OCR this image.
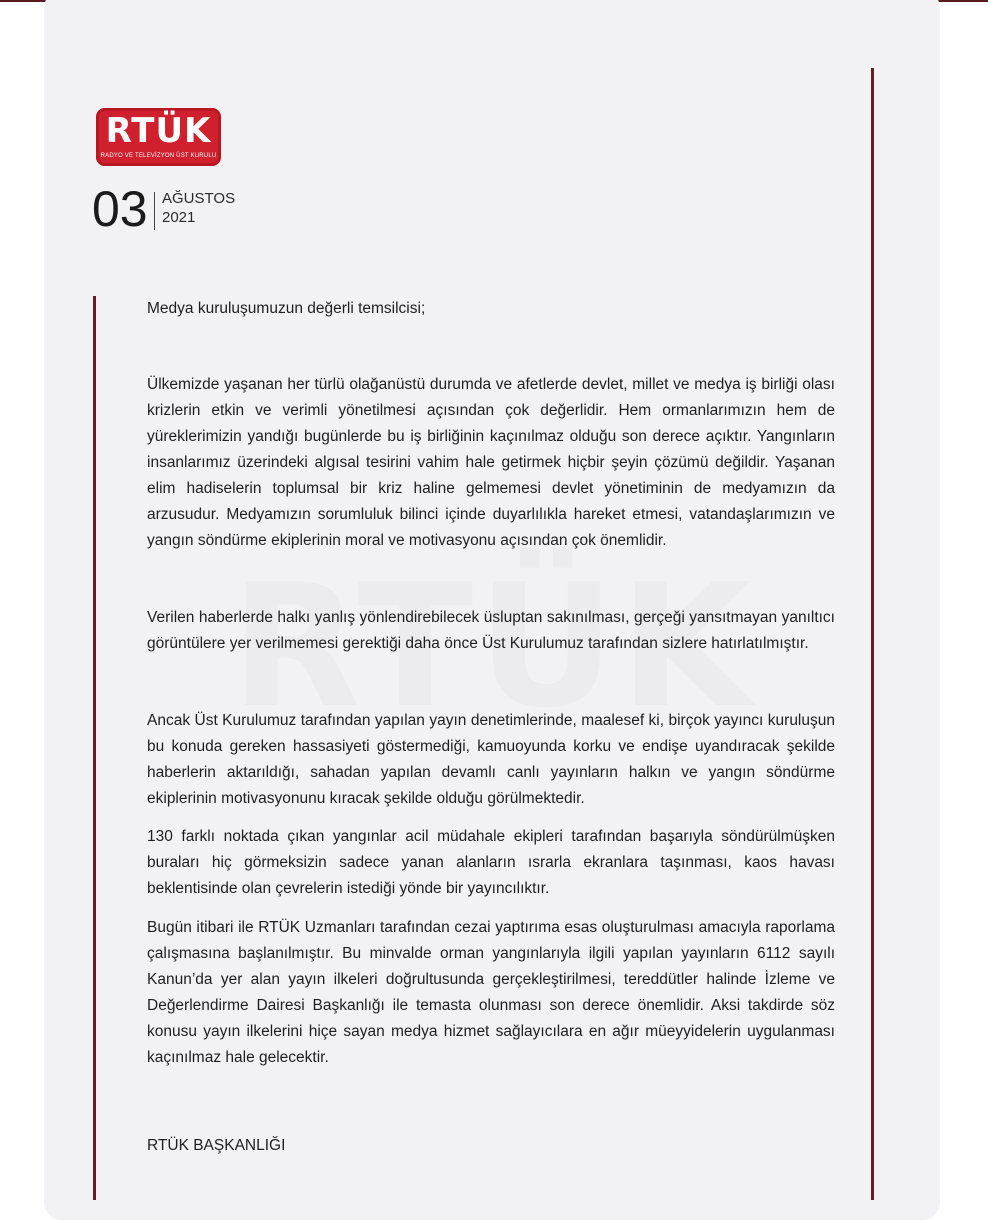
RTÜK
RADYO VE TELEVİZYON ÜST KURULU
03 AĞUSTOS
2021
Medya kuruluşumuzun değerli temsilcisi;
Ülkemizde yaşanan her türlü olağanüstü durumda ve afetlerde devlet, millet ve medya iş birliği olası krizlerin etkin ve verimli yönetilmesi açısından çok değerlidir. Hem ormanlarımızın hem de yüreklerimizin yandığı bugünlerde bu iş birliğinin kaçınılmaz olduğu son derece açıktır. Yangınların insanlarımız üzerindeki algısal tesirini vahim hale getirmek hiçbir şeyin çözümü değildir. Yaşanan elim hadiselerin toplumsal bir kriz haline gelmemesi devlet yönetiminin de medyamızın da arzusudur. Medyamızın sorumluluk bilinci içinde duyarlılıkla hareket etmesi, vatandaşlarımızın ve yangın söndürme ekiplerinin moral ve motivasyonu açısından çok önemlidir.
Verilen haberlerde halkı yanlış yönlendirebilecek üsluptan sakınılması, gerçeği yansıtmayan yanıltıcı görüntülere yer verilmemesi gerektiği daha önce Üst Kurulumuz tarafından sizlere hatırlatılmıştır.
Ancak Üst Kurulumuz tarafından yapılan yayın denetimlerinde, maalesef ki, birçok yayıncı kuruluşun bu konuda gereken hassasiyeti göstermediği, kamuoyunda korku ve endişe uyandıracak şekilde haberlerin aktarıldığı, sahadan yapılan devamlı canlı yayınların halkın ve yangın söndürme ekiplerinin motivasyonunu kıracak şekilde olduğu görülmektedir.
130 farklı noktada çıkan yangınlar acil müdahale ekipleri tarafından başarıyla söndürülmüşken buraları hiç görmeksizin sadece yanan alanların ısrarla ekranlara taşınması, kaos havası beklentisinde olan çevrelerin istediği yönde bir yayıncılıktır.
Bugün itibari ile RTÜK Uzmanları tarafından cezai yaptırıma esas oluşturulması amacıyla raporlama çalışmasına başlanılmıştır. Bu minvalde orman yangınlarıyla ilgili yapılan yayınların 6112 sayılı Kanun’da yer alan yayın ilkeleri doğrultusunda gerçekleştirilmesi, tereddütler halinde İzleme ve Değerlendirme Dairesi Başkanlığı ile temasta olunması son derece önemlidir. Aksi takdirde söz konusu yayın ilkelerini hiçe sayan medya hizmet sağlayıcılara en ağır müeyyidelerin uygulanması kaçınılmaz hale gelecektir.
RTÜK BAŞKANLIĞI
